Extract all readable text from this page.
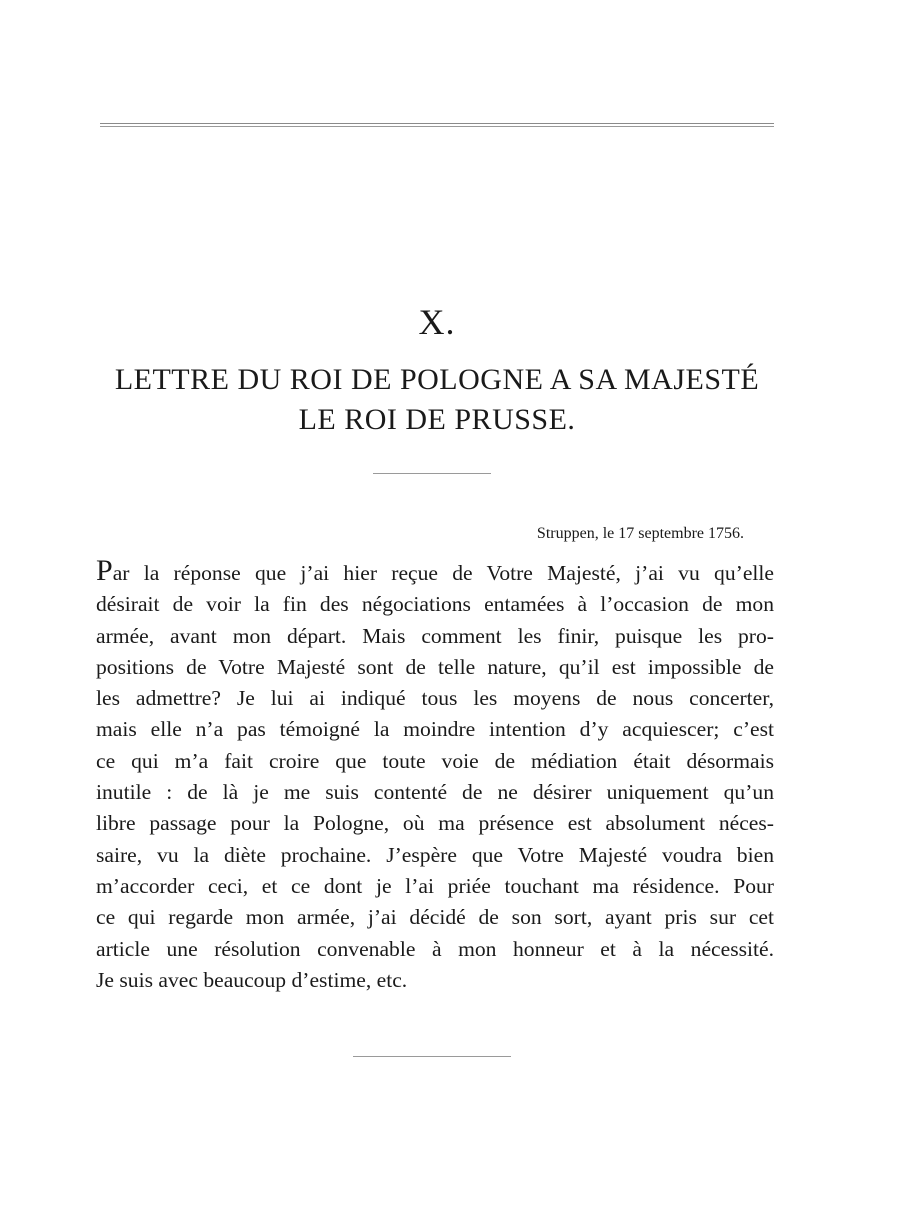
X.
LETTRE DU ROI DE POLOGNE A SA MAJESTÉ
LE ROI DE PRUSSE.
Struppen, le 17 septembre 1756.
Par la réponse que j’ai hier reçue de Votre Majesté, j’ai vu qu’elle
désirait de voir la fin des négociations entamées à l’occasion de mon
armée, avant mon départ. Mais comment les finir, puisque les pro-
positions de Votre Majesté sont de telle nature, qu’il est impossible de
les admettre? Je lui ai indiqué tous les moyens de nous concerter,
mais elle n’a pas témoigné la moindre intention d’y acquiescer; c’est
ce qui m’a fait croire que toute voie de médiation était désormais
inutile : de là je me suis contenté de ne désirer uniquement qu’un
libre passage pour la Pologne, où ma présence est absolument néces-
saire, vu la diète prochaine. J’espère que Votre Majesté voudra bien
m’accorder ceci, et ce dont je l’ai priée touchant ma résidence. Pour
ce qui regarde mon armée, j’ai décidé de son sort, ayant pris sur cet
article une résolution convenable à mon honneur et à la nécessité.
Je suis avec beaucoup d’estime, etc.
